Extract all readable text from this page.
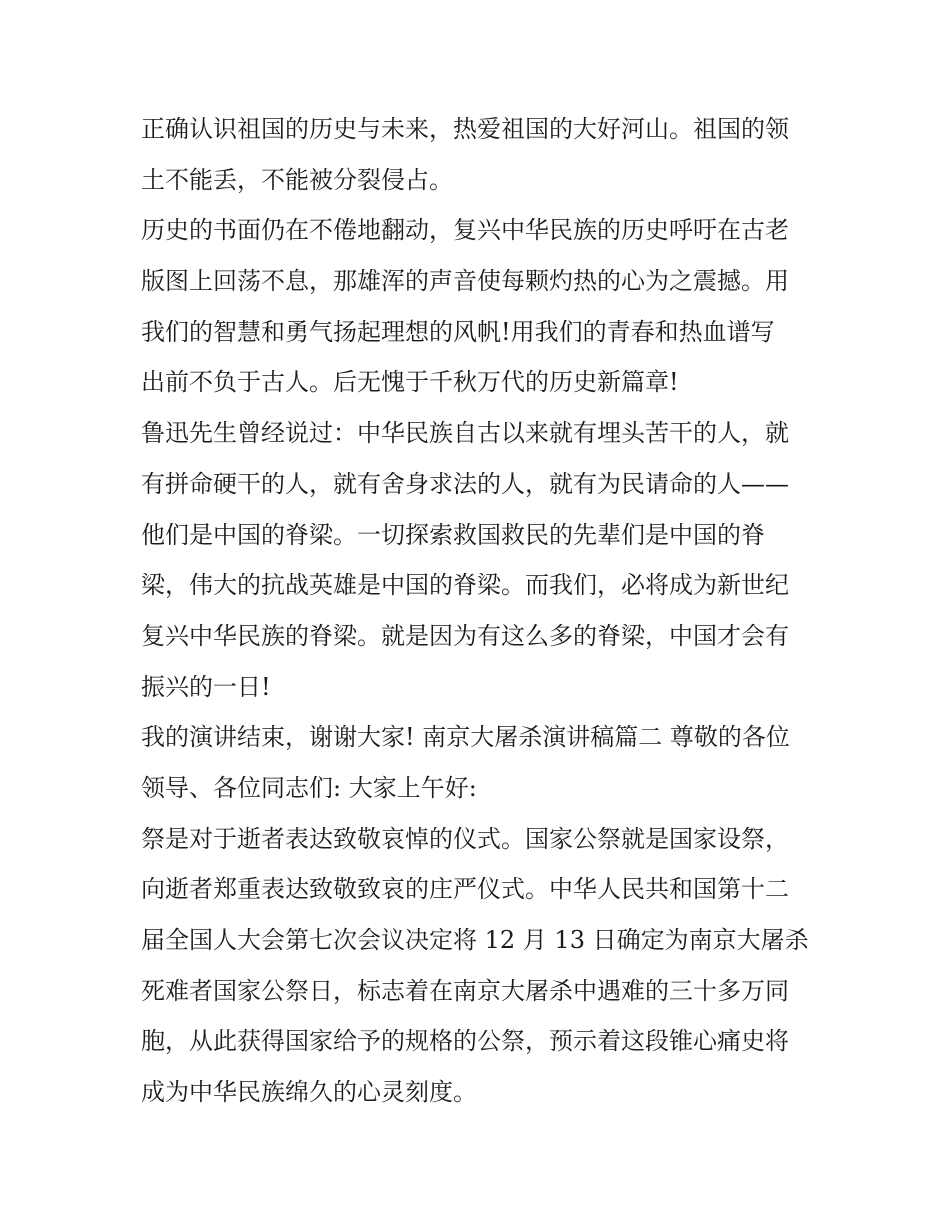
正确认识祖国的历史与未来，热爱祖国的大好河山。祖国的领
土不能丢，不能被分裂侵占。
历史的书面仍在不倦地翻动，复兴中华民族的历史呼吁在古老
版图上回荡不息，那雄浑的声音使每颗灼热的心为之震撼。用
我们的智慧和勇气扬起理想的风帆!用我们的青春和热血谱写
出前不负于古人。后无愧于千秋万代的历史新篇章!
鲁迅先生曾经说过：中华民族自古以来就有埋头苦干的人，就
有拼命硬干的人，就有舍身求法的人，就有为民请命的人——
他们是中国的脊梁。一切探索救国救民的先辈们是中国的脊
梁，伟大的抗战英雄是中国的脊梁。而我们，必将成为新世纪
复兴中华民族的脊梁。就是因为有这么多的脊梁，中国才会有
振兴的一日!
我的演讲结束，谢谢大家! 南京大屠杀演讲稿篇二 尊敬的各位
领导、各位同志们: 大家上午好:
祭是对于逝者表达致敬哀悼的仪式。国家公祭就是国家设祭，
向逝者郑重表达致敬致哀的庄严仪式。中华人民共和国第十二
届全国人大会第七次会议决定将 12 月 13 日确定为南京大屠杀
死难者国家公祭日，标志着在南京大屠杀中遇难的三十多万同
胞，从此获得国家给予的规格的公祭，预示着这段锥心痛史将
成为中华民族绵久的心灵刻度。
